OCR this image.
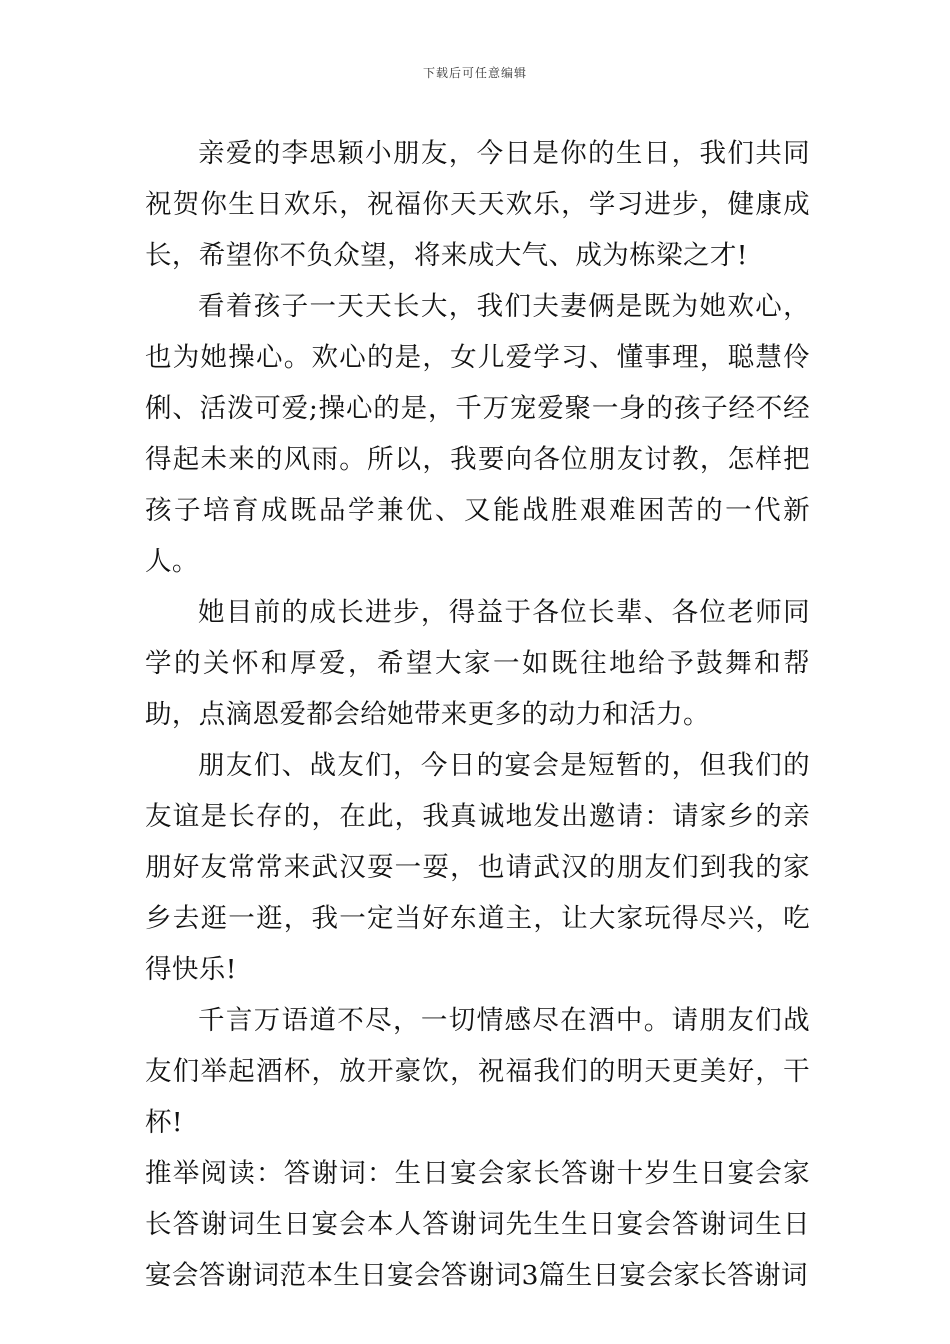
下载后可任意编辑

亲爱的李思颖小朋友，今日是你的生日，我们共同祝贺你生日欢乐，祝福你天天欢乐，学习进步，健康成长，希望你不负众望，将来成大气、成为栋梁之才!

看着孩子一天天长大，我们夫妻俩是既为她欢心，也为她操心。欢心的是，女儿爱学习、懂事理，聪慧伶俐、活泼可爱;操心的是，千万宠爱聚一身的孩子经不经得起未来的风雨。所以，我要向各位朋友讨教，怎样把孩子培育成既品学兼优、又能战胜艰难困苦的一代新人。

她目前的成长进步，得益于各位长辈、各位老师同学的关怀和厚爱，希望大家一如既往地给予鼓舞和帮助，点滴恩爱都会给她带来更多的动力和活力。

朋友们、战友们，今日的宴会是短暂的，但我们的友谊是长存的，在此，我真诚地发出邀请：请家乡的亲朋好友常常来武汉耍一耍，也请武汉的朋友们到我的家乡去逛一逛，我一定当好东道主，让大家玩得尽兴，吃得快乐!

千言万语道不尽，一切情感尽在酒中。请朋友们战友们举起酒杯，放开豪饮，祝福我们的明天更美好，干杯!

推举阅读：答谢词：生日宴会家长答谢十岁生日宴会家长答谢词生日宴会本人答谢词先生生日宴会答谢词生日宴会答谢词范本生日宴会答谢词3篇生日宴会家长答谢词
